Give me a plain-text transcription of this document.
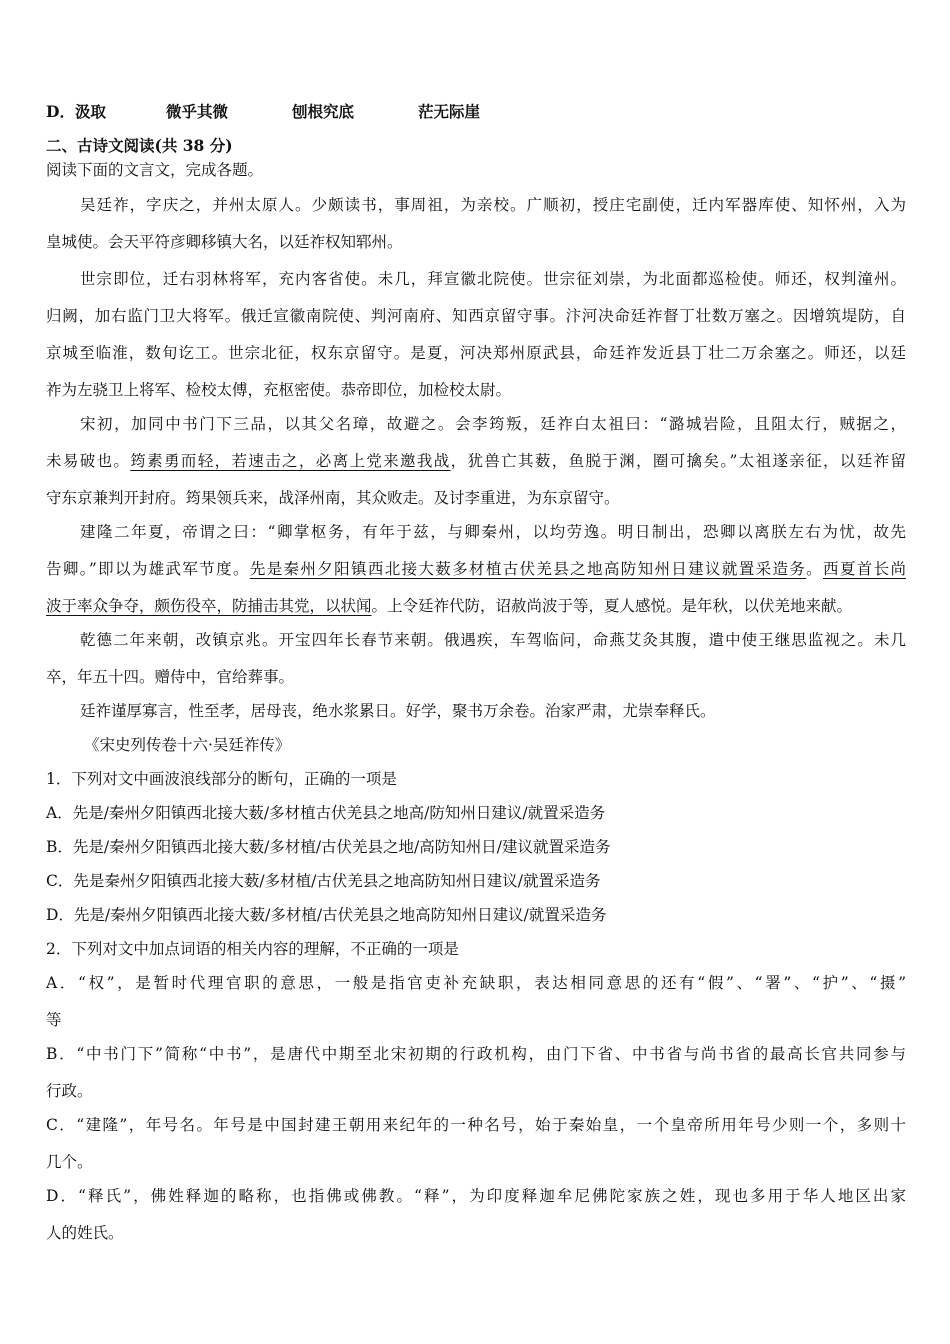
D．汲取	微乎其微	刨根究底	茫无际崖
二、古诗文阅读(共 38 分)
阅读下面的文言文，完成各题。
吴廷祚，字庆之，并州太原人。少颇读书，事周祖，为亲校。广顺初，授庄宅副使，迁内军器库使、知怀州，入为
皇城使。会天平符彦卿移镇大名，以廷祚权知郓州。
世宗即位，迁右羽林将军，充内客省使。未几，拜宣徽北院使。世宗征刘崇，为北面都巡检使。师还，权判潼州。
归阙，加右监门卫大将军。俄迁宣徽南院使、判河南府、知西京留守事。汴河决命廷祚督丁壮数万塞之。因增筑堤防，自
京城至临淮，数旬讫工。世宗北征，权东京留守。是夏，河决郑州原武县，命廷祚发近县丁壮二万余塞之。师还，以廷
祚为左骁卫上将军、检校太傅，充枢密使。恭帝即位，加检校太尉。
宋初，加同中书门下三品，以其父名璋，故避之。会李筠叛，廷祚白太祖曰：“潞城岩险，且阻太行，贼据之，
未易破也。筠素勇而轻，若速击之，必离上党来邀我战，犹兽亡其薮，鱼脱于渊，圈可擒矣。”太祖遂亲征，以廷祚留
守东京兼判开封府。筠果领兵来，战泽州南，其众败走。及讨李重进，为东京留守。
建隆二年夏，帝谓之曰：“卿掌枢务，有年于兹，与卿秦州，以均劳逸。明日制出，恐卿以离朕左右为忧，故先
告卿。”即以为雄武军节度。先是秦州夕阳镇西北接大薮多材植古伏羌县之地高防知州日建议就置采造务。西夏首长尚
波于率众争夺，颇伤役卒，防捕击其党，以状闻。上令廷祚代防，诏赦尚波于等，夏人感悦。是年秋，以伏羌地来献。
乾德二年来朝，改镇京兆。开宝四年长春节来朝。俄遇疾，车驾临问，命燕艾灸其腹，遣中使王继思监视之。未几
卒，年五十四。赠侍中，官给葬事。
廷祚谨厚寡言，性至孝，居母丧，绝水浆累日。好学，聚书万余卷。治家严肃，尤崇奉释氏。
《宋史列传卷十六·吴廷祚传》
1．下列对文中画波浪线部分的断句，正确的一项是
A．先是/秦州夕阳镇西北接大薮/多材植古伏羌县之地高/防知州日建议/就置采造务
B．先是/秦州夕阳镇西北接大薮/多材植/古伏羌县之地/高防知州日/建议就置采造务
C．先是秦州夕阳镇西北接大薮/多材植/古伏羌县之地高防知州日建议/就置采造务
D．先是/秦州夕阳镇西北接大薮/多材植/古伏羌县之地高防知州日建议/就置采造务
2．下列对文中加点词语的相关内容的理解，不正确的一项是
A．“权”，是暂时代理官职的意思，一般是指官吏补充缺职，表达相同意思的还有“假”、“署”、“护”、“摄”
等
B．“中书门下”简称“中书”，是唐代中期至北宋初期的行政机构，由门下省、中书省与尚书省的最高长官共同参与
行政。
C．“建隆”，年号名。年号是中国封建王朝用来纪年的一种名号，始于秦始皇，一个皇帝所用年号少则一个，多则十
几个。
D．“释氏”，佛姓释迦的略称，也指佛或佛教。“释”，为印度释迦牟尼佛陀家族之姓，现也多用于华人地区出家
人的姓氏。
